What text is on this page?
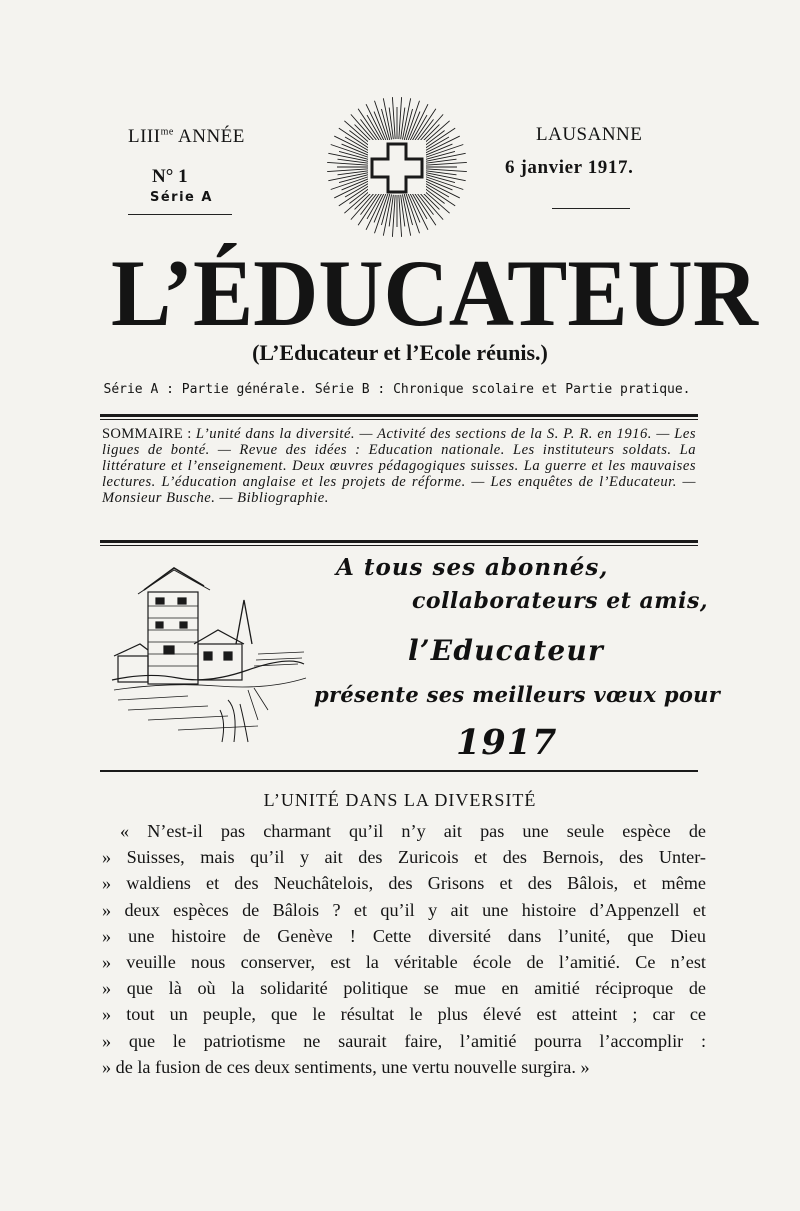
$LIII^{me}$ ANNÉE
N° 1
Série A
LAUSANNE
6 janvier 1917.
L’ÉDUCATEUR
(L’Educateur et l’Ecole réunis.)
Série A : Partie générale. Série B : Chronique scolaire et Partie pratique.
SOMMAIRE : L’unité dans la diversité. — Activité des sections de la S. P. R. en 1916. — Les ligues de bonté. — Revue des idées : Education nationale. Les instituteurs soldats. La littérature et l’enseignement. Deux œuvres pédagogiques suisses. La guerre et les mauvaises lectures. L’éducation anglaise et les projets de réforme. — Les enquêtes de l’Educateur. — Monsieur Busche. — Bibliographie.
A tous ses abonnés,
collaborateurs et amis,
l’Educateur
présente ses meilleurs vœux pour
1917
L’UNITÉ DANS LA DIVERSITÉ
« N’est-il pas charmant qu’il n’y ait pas une seule espèce de
» Suisses, mais qu’il y ait des Zuricois et des Bernois, des Unter-
» waldiens et des Neuchâtelois, des Grisons et des Bâlois, et même
» deux espèces de Bâlois ? et qu’il y ait une histoire d’Appenzell et
» une histoire de Genève ! Cette diversité dans l’unité, que Dieu
» veuille nous conserver, est la véritable école de l’amitié. Ce n’est
» que là où la solidarité politique se mue en amitié réciproque de
» tout un peuple, que le résultat le plus élevé est atteint ; car ce
» que le patriotisme ne saurait faire, l’amitié pourra l’accomplir :
» de la fusion de ces deux sentiments, une vertu nouvelle surgira. »
